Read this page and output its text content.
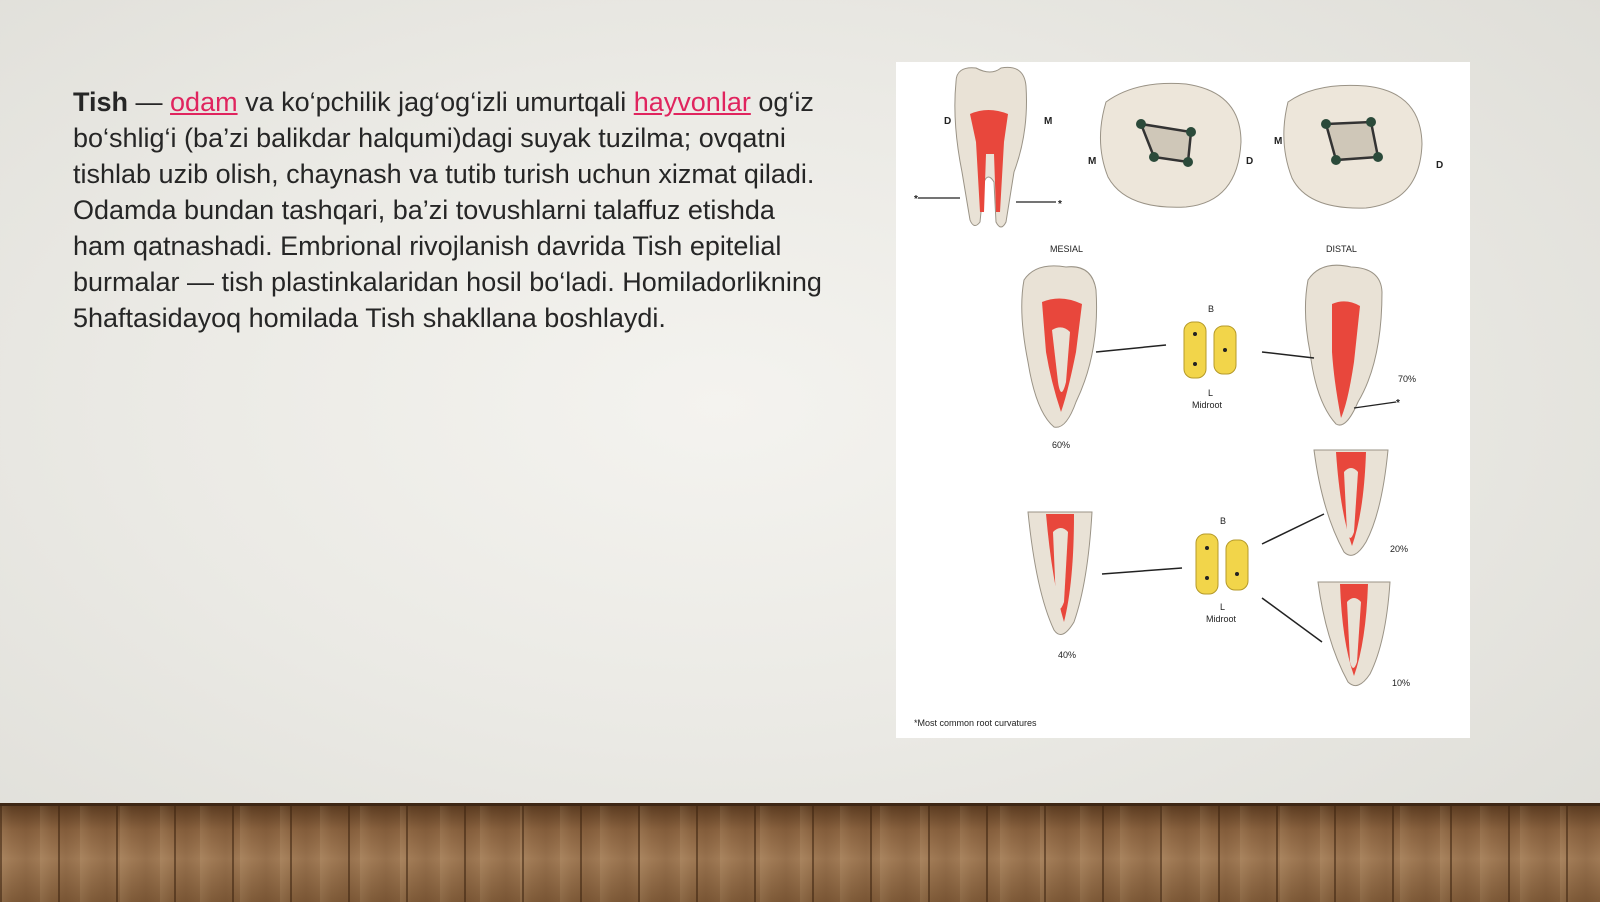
Tish — odam va ko‘pchilik jag‘og‘izli umurtqali hayvonlar og‘iz bo‘shlig‘i (ba’zi balikdar halqumi)dagi suyak tuzilma; ovqatni tishlab uzib olish, chaynash va tutib turish uchun xizmat qiladi. Odamda bundan tashqari, ba’zi tovushlarni talaffuz etishda ham qatnashadi. Embrional rivojlanish davrida Tish epitelial burmalar — tish plastinkalaridan hosil bo‘ladi. Homiladorlikning 5haftasidayoq homilada Tish shakllana boshlaydi.
*	*
D	M
M	D
M
D
MESIAL	DISTAL
60%
B
L
Midroot	*
70%
40%
B
L
Midroot
20%
10%
*Most common root curvatures
